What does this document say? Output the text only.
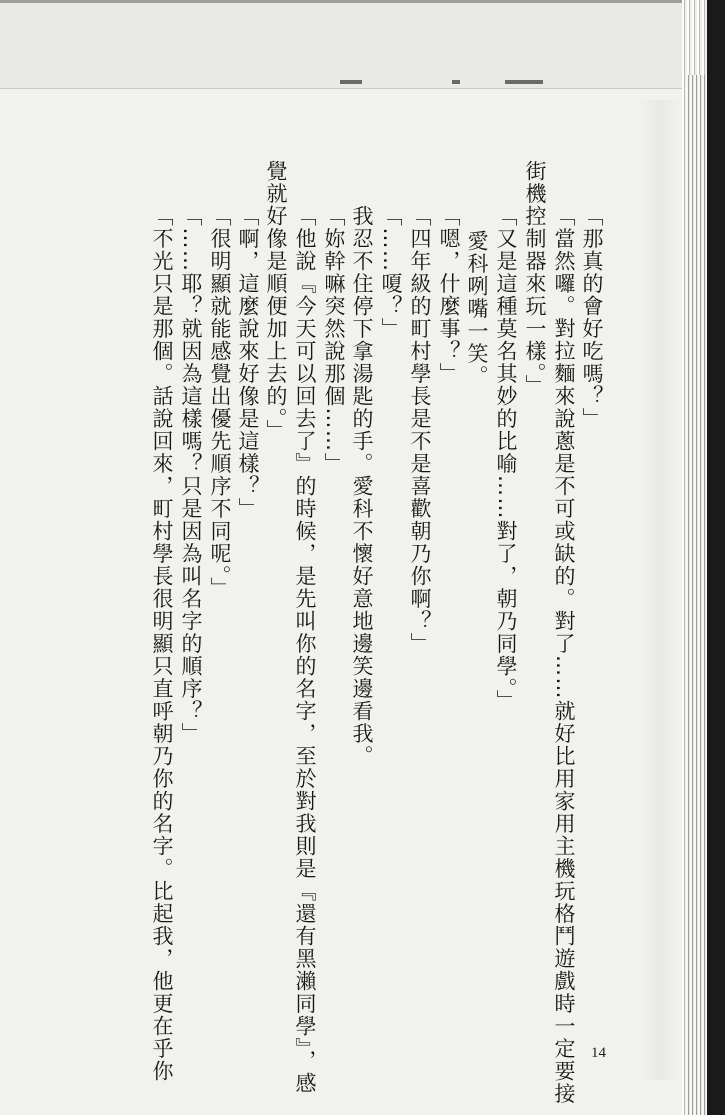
「那真的會好吃嗎？」
「當然囉。對拉麵來說蔥是不可或缺的。對了……就好比用家用主機玩格鬥遊戲時一定要接
街機控制器來玩一樣。」
「又是這種莫名其妙的比喻……對了，朝乃同學。」
愛科咧嘴一笑。
「嗯，什麼事？」
「四年級的町村學長是不是喜歡朝乃你啊？」
「……嗄？」
我忍不住停下拿湯匙的手。愛科不懷好意地邊笑邊看我。
「妳幹嘛突然說那個……」
「他說『今天可以回去了』的時候，是先叫你的名字，至於對我則是『還有黑瀨同學』，感
覺就好像是順便加上去的。」
「啊，這麼說來好像是這樣？」
「很明顯就能感覺出優先順序不同呢。」
「……耶？就因為這樣嗎？只是因為叫名字的順序？」
「不光只是那個。話說回來，町村學長很明顯只直呼朝乃你的名字。比起我，他更在乎你	14
